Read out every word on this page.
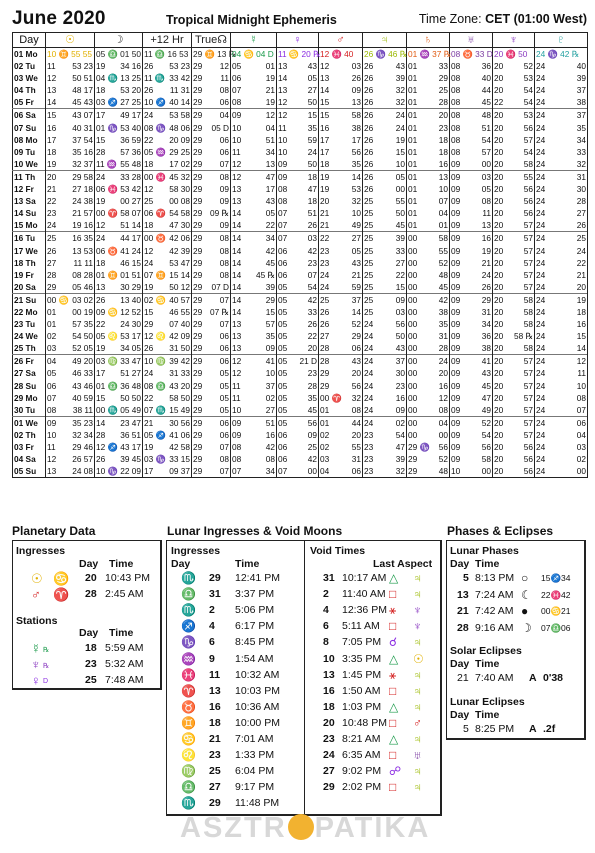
June 2020	Tropical Midnight Ephemeris	Time Zone: CET (01:00 West)
Day	☉	☽	+12 Hr	True☊	☿	♀	♂	♃	♄	♅	♆	♇
01 Mo	10 ♊ 55 55	05 ♎ 01 50	11 ♎ 16 53	29 ♊ 13 ℞	04 ♋ 04 D	11 ♋ 20 ℞	12 ♓ 40	26 ♑ 46 ℞	01 ♒ 37 ℞	08 ♉ 33 D	20 ♓ 50	24 ♑ 42 ℞
02 Tu	11 53 23	19 34 16	26 53 23	29 12	05 01	13 43	12 03	26 43	01 33	08 36	20 52	24 40

03 We	12 50 51	04 ♏ 13 25	11 ♏ 33 42	29 11	06 19	14 05	13 26	26 39	01 29	08 40	20 53	24 39

04 Th	13 48 17	18 53 20	26 11 31	29 08	07 21	13 27	14 09	26 32	01 25	08 44	20 54	24 37

05 Fr	14 45 43	03 ♐ 27 25	10 ♐ 40 14	29 06	08 19	12 50	15 13	26 32	01 28	08 45	22 54	24 38

06 Sa	15 43 07	17 49 17	24 53 58	29 04	09 12	12 15	15 58	26 24	01 20	08 48	20 53	24 37

07 Su	16 40 31	01 ♑ 53 40	08 ♑ 48 06	29 05 D	10 04	11 35	16 38	26 24	01 23	08 51	20 56	24 35

08 Mo	17 37 54	15 36 59	22 20 09	29 06	10 51	10 59	17 17	26 19	01 18	08 54	20 57	24 34

09 Tu	18 35 16	28 57 36	05 ♒ 29 25	29 06	11 34	10 24	17 56	26 15	01 18	08 57	20 54	24 33

10 We	19 32 37	11 ♒ 55 48	18 17 02	29 07	12 13	09 50	18 35	26 10	01 16	09 00	20 58	24 32

11 Th	20 29 58	24 33 28	00 ♓ 45 32	29 08	12 47	09 18	19 14	26 05	01 13	09 03	20 55	24 31

12 Fr	21 27 18	06 ♓ 53 42	12 58 30	29 09	13 17	08 47	19 53	26 00	01 10	09 05	20 56	24 30

13 Sa	22 24 38	19 00 27	25 00 08	29 09	13 43	08 18	20 32	25 55	01 07	09 08	20 56	24 28

14 Su	23 21 57	00 ♈ 58 07	06 ♈ 54 58	29 09 ℞	14 05	07 51	21 10	25 50	01 04	09 11	20 56	24 27

15 Mo	24 19 16	12 51 14	18 47 30	29 09	14 22	07 26	21 49	25 45	01 01	09 13	20 57	24 26

16 Tu	25 16 35	24 44 17	00 ♉ 42 06	29 08	14 34	07 03	22 27	25 39	00 58	09 16	20 57	24 25

17 We	26 13 53	06 ♉ 41 24	12 42 39	29 08	14 42	06 42	23 05	25 33	00 55	09 19	20 57	24 24

18 Th	27 11 11	18 46 15	24 53 47	29 08	14 45	06 23	23 43	25 27	00 52	09 21	20 57	24 22

19 Fr	28 08 28	01 ♊ 01 51	07 ♊ 15 14	29 08	14 45 ℞	06 07	24 21	25 22	00 48	09 24	20 57	24 21

20 Sa	29 05 46	13 30 29	19 50 12	29 07 D	14 39	05 54	24 59	25 15	00 45	09 26	20 57	24 20

21 Su	00 ♋ 03 02	26 13 40	02 ♋ 40 57	29 07	14 29	05 42	25 37	25 09	00 42	09 29	20 58	24 19

22 Mo	01 00 19	09 ♋ 12 52	15 46 55	29 07 ℞	14 15	05 33	26 14	25 03	00 38	09 31	20 58	24 18

23 Tu	01 57 35	22 24 30	29 07 40	29 07	13 57	05 26	26 52	24 56	00 35	09 34	20 58	24 16

24 We	02 54 50	05 ♌ 53 17	12 ♌ 42 09	29 06	13 35	05 22	27 29	24 50	00 31	09 36	20 58 ℞	24 15

25 Th	03 52 05	19 34 05	26 31 50	29 06	13 09	05 20	28 06	24 43	00 28	09 38	20 58	24 14

26 Fr	04 49 20	03 ♍ 33 47	10 ♍ 39 42	29 06	12 41	05 21 D	28 43	24 37	00 24	09 41	20 57	24 12

27 Sa	05 46 33	17 51 27	24 31 33	29 05	12 10	05 23	29 20	24 30	00 20	09 43	20 57	24 11

28 Su	06 43 46	01 ♎ 36 48	08 ♎ 43 20	29 05	11 37	05 28	29 56	24 23	00 16	09 45	20 57	24 10

29 Mo	07 40 59	15 50 50	22 58 50	29 05	11 02	05 35	00 ♈ 32	24 16	00 12	09 47	20 57	24 08

30 Tu	08 38 11	00 ♏ 05 49	07 ♏ 15 49	29 05	10 27	05 45	01 08	24 09	00 08	09 49	20 57	24 07

01 We	09 35 23	14 23 47	21 30 56	29 06	09 51	05 56	01 44	24 02	00 04	09 52	20 57	24 06

02 Th	10 32 34	28 36 51	05 ♐ 41 06	29 06	09 16	06 09	02 20	23 54	00 00	09 54	20 57	24 04

03 Fr	11 29 46	12 ♐ 43 17	19 42 58	29 07	08 42	06 25	02 55	23 47	29 ♑ 56	09 56	20 56	24 03

04 Sa	12 26 57	26 39 45	03 ♑ 33 15	29 08	08 08	06 42	03 31	23 39	29 52	09 58	20 56	24 02

05 Su	13 24 08	10 ♑ 22 09	17 09 37	29 07	07 34	07 00	04 06	23 32	29 48	10 00	20 56	24 00
Planetary Data
Ingresses
Day Time
☉ ♋ 20 10:43 PM
♂ ♈ 28 2:45 AM
Stations
Day Time
☿ ℞	18 5:59 AM
♆ ℞	23 5:32 AM
♀ D	25 7:48 AM
Lunar Ingresses & Void Moons
Ingresses
Day	Time
♏ 29 12:41 PM
♎ 31 3:37 PM
♏ 2 5:06 PM
♐ 4 6:17 PM
♑ 6 8:45 PM
♒ 9 1:54 AM
♓ 11 10:32 AM
♈ 13 10:03 PM
♉ 16 10:36 AM
♊ 18 10:00 PM
♋ 21 7:01 AM
♌ 23 1:33 PM
♍ 25 6:04 PM
♎ 27 9:17 PM
♏ 29 11:48 PM
Void Times
Last Aspect
31 10:17 AM △ ♃
2 11:40 AM □ ♃
4 12:36 PM ⚹ ♆
6 5:11 AM □ ♆
8 7:05 PM ☌ ♃
10 3:35 PM △ ☉
13 1:45 PM ⚹ ♃
16 1:50 AM □ ♃
18 1:03 PM △ ♃
20 10:48 PM □ ♂
23 8:21 AM △ ♃
24 6:35 AM □ ♅
27 9:02 PM ☍ ♃
29 2:02 PM □ ♃
Phases & Eclipses
Lunar Phases
Day Time
5 8:13 PM ○ 15♐34
13 7:24 AM ☾ 22♓42
21 7:42 AM ● 00♋21
28 9:16 AM ☽ 07♎06
Solar Eclipses
Day Time
21 7:40 AM A 0'38
Lunar Eclipses
Day Time
5 8:25 PM A .2f
ASZTR PATIKA
